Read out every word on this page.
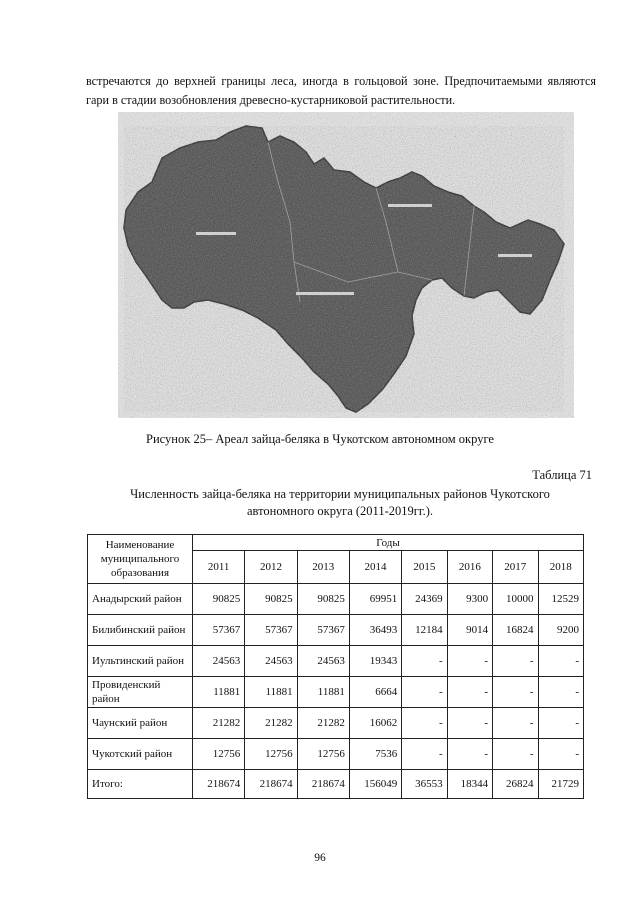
встречаются до верхней границы леса, иногда в гольцовой зоне. Предпочитаемыми являются гари в стадии возобновления древесно-кустарниковой растительности.

Рисунок 25– Ареал зайца-беляка в Чукотском автономном округе
Таблица 71
Численность зайца-беляка на территории муниципальных районов Чукотского
автономного округа (2011-2019гг.).
Наименование муниципального образования	Годы							
	2011	2012	2013	2014	2015	2016	2017	2018
Анадырский район	90825	90825	90825	69951	24369	9300	10000	12529
Билибинский район	57367	57367	57367	36493	12184	9014	16824	9200
Иультинский район	24563	24563	24563	19343	-	-	-	-
Провиденский район	11881	11881	11881	6664	-	-	-	-
Чаунский район	21282	21282	21282	16062	-	-	-	-
Чукотский район	12756	12756	12756	7536	-	-	-	-
Итого:	218674	218674	218674	156049	36553	18344	26824	21729
96
